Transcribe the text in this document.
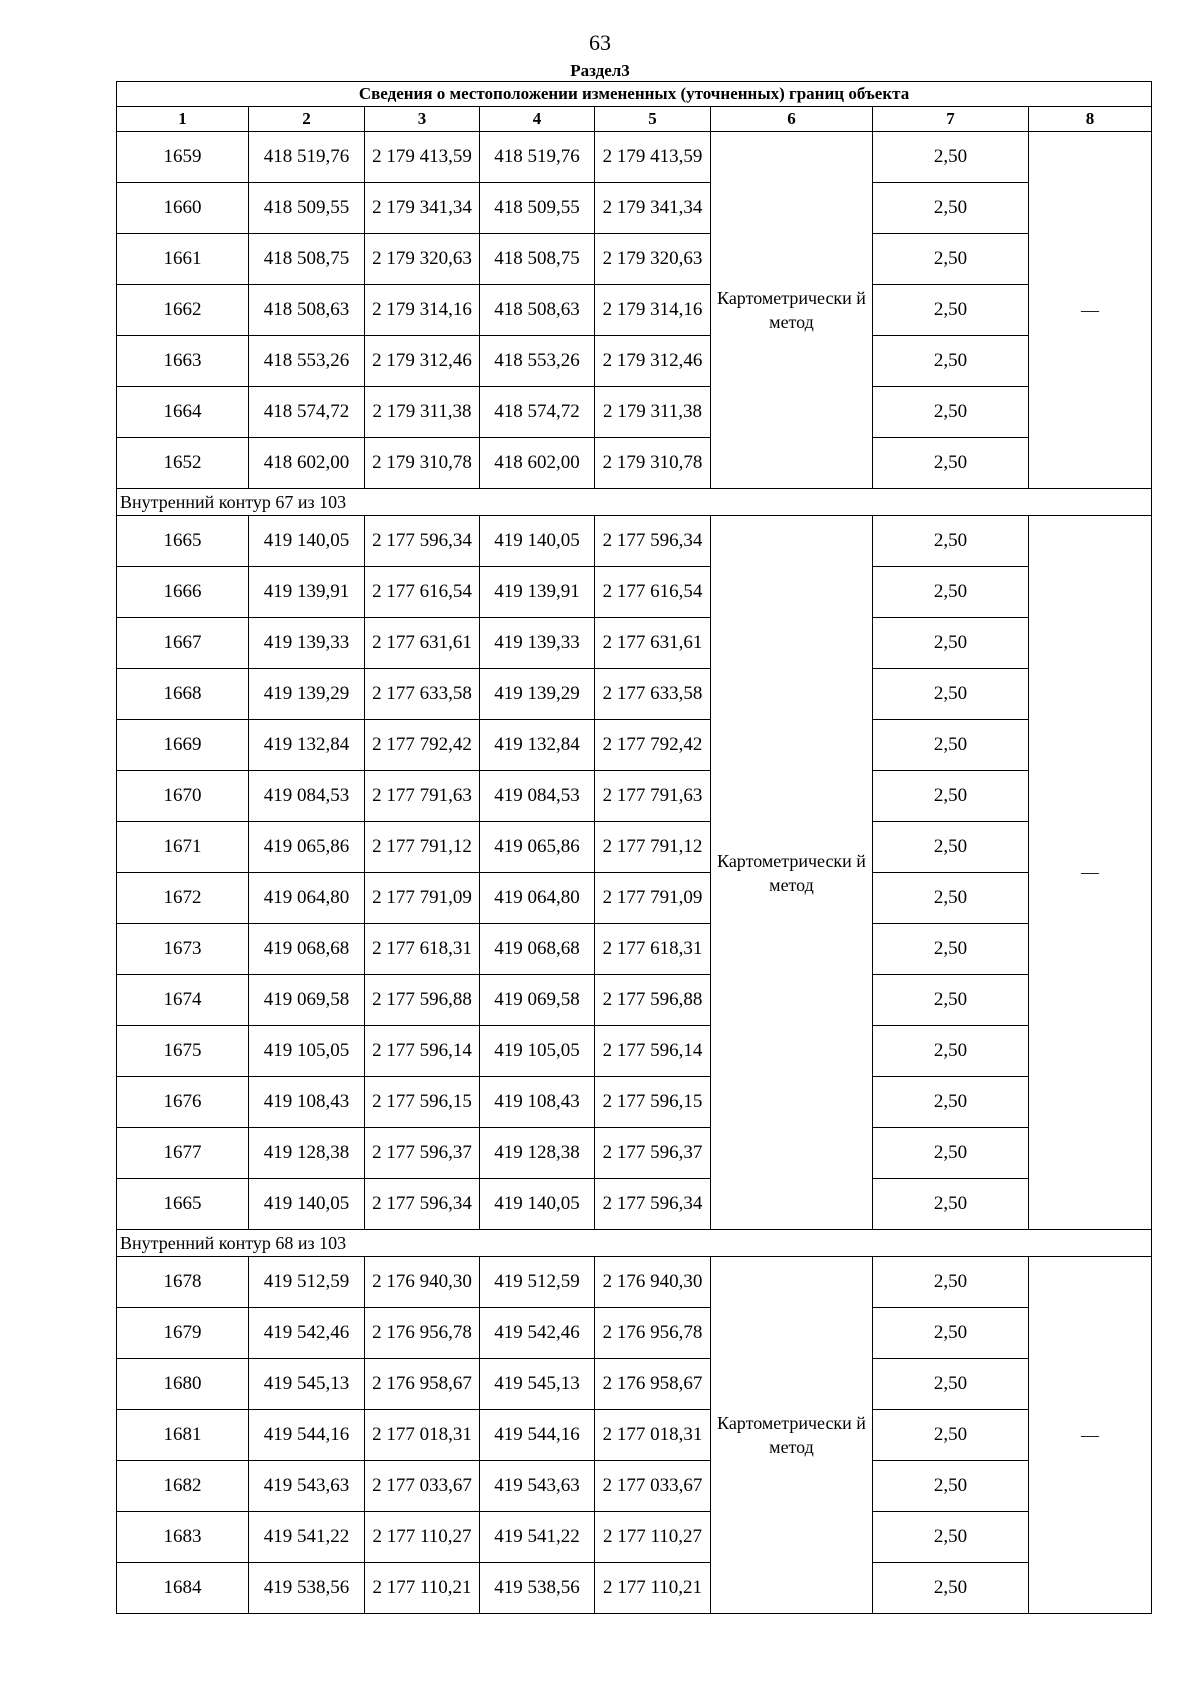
63
Раздел3
Сведения о местоположении измененных (уточненных) границ объекта							
1	2	3	4	5	6	7	8
1659	418 519,76	2 179 413,59	418 519,76	2 179 413,59	Картометрически й метод	2,50	—
1660	418 509,55	2 179 341,34	418 509,55	2 179 341,34		2,50	
1661	418 508,75	2 179 320,63	418 508,75	2 179 320,63		2,50	
1662	418 508,63	2 179 314,16	418 508,63	2 179 314,16		2,50	
1663	418 553,26	2 179 312,46	418 553,26	2 179 312,46		2,50	
1664	418 574,72	2 179 311,38	418 574,72	2 179 311,38		2,50	
1652	418 602,00	2 179 310,78	418 602,00	2 179 310,78		2,50	
Внутренний контур 67 из 103							
1665	419 140,05	2 177 596,34	419 140,05	2 177 596,34	Картометрически й метод	2,50	—
1666	419 139,91	2 177 616,54	419 139,91	2 177 616,54		2,50	
1667	419 139,33	2 177 631,61	419 139,33	2 177 631,61		2,50	
1668	419 139,29	2 177 633,58	419 139,29	2 177 633,58		2,50	
1669	419 132,84	2 177 792,42	419 132,84	2 177 792,42		2,50	
1670	419 084,53	2 177 791,63	419 084,53	2 177 791,63		2,50	
1671	419 065,86	2 177 791,12	419 065,86	2 177 791,12		2,50	
1672	419 064,80	2 177 791,09	419 064,80	2 177 791,09		2,50	
1673	419 068,68	2 177 618,31	419 068,68	2 177 618,31		2,50	
1674	419 069,58	2 177 596,88	419 069,58	2 177 596,88		2,50	
1675	419 105,05	2 177 596,14	419 105,05	2 177 596,14		2,50	
1676	419 108,43	2 177 596,15	419 108,43	2 177 596,15		2,50	
1677	419 128,38	2 177 596,37	419 128,38	2 177 596,37		2,50	
1665	419 140,05	2 177 596,34	419 140,05	2 177 596,34		2,50	
Внутренний контур 68 из 103							
1678	419 512,59	2 176 940,30	419 512,59	2 176 940,30	Картометрически й метод	2,50	—
1679	419 542,46	2 176 956,78	419 542,46	2 176 956,78		2,50	
1680	419 545,13	2 176 958,67	419 545,13	2 176 958,67		2,50	
1681	419 544,16	2 177 018,31	419 544,16	2 177 018,31		2,50	
1682	419 543,63	2 177 033,67	419 543,63	2 177 033,67		2,50	
1683	419 541,22	2 177 110,27	419 541,22	2 177 110,27		2,50	
1684	419 538,56	2 177 110,21	419 538,56	2 177 110,21		2,50	
